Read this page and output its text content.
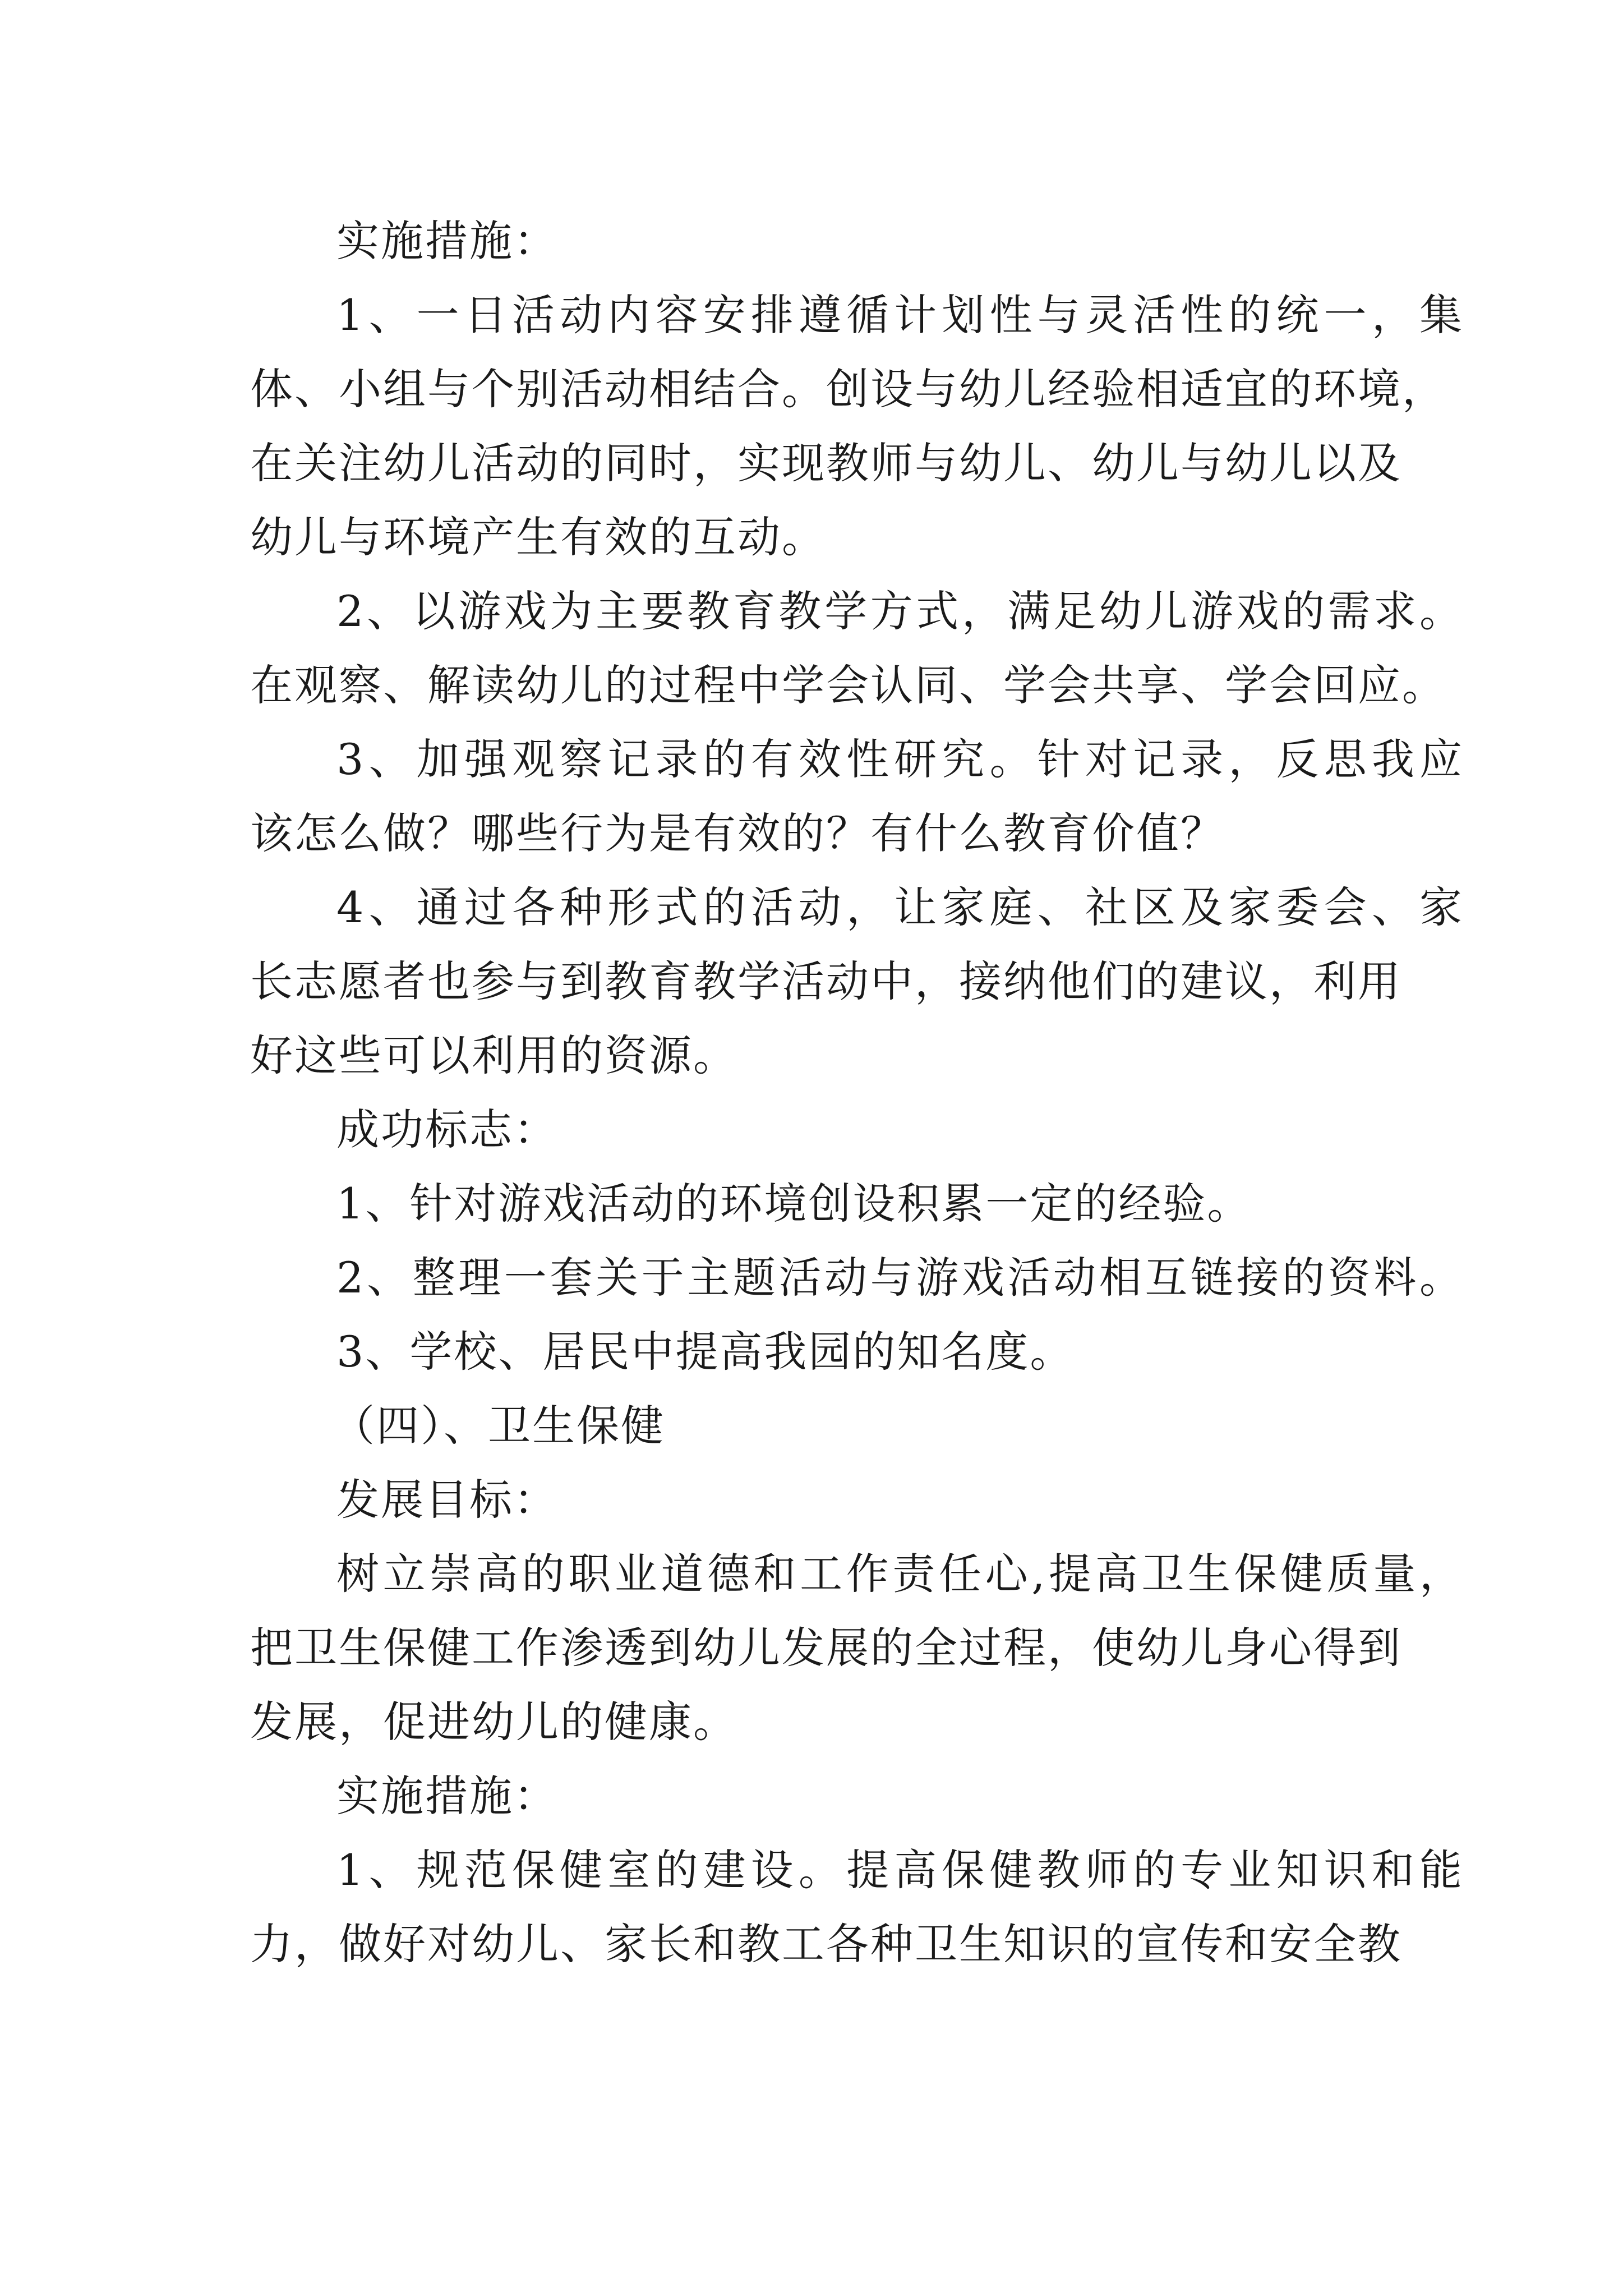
实施措施：
1、一日活动内容安排遵循计划性与灵活性的统一，集
体、小组与个别活动相结合。创设与幼儿经验相适宜的环境，
在关注幼儿活动的同时，实现教师与幼儿、幼儿与幼儿以及
幼儿与环境产生有效的互动。
2、以游戏为主要教育教学方式，满足幼儿游戏的需求。
在观察、解读幼儿的过程中学会认同、学会共享、学会回应。
3、加强观察记录的有效性研究。针对记录，反思我应
该怎么做？哪些行为是有效的？有什么教育价值？
4、通过各种形式的活动，让家庭、社区及家委会、家
长志愿者也参与到教育教学活动中，接纳他们的建议，利用
好这些可以利用的资源。
成功标志：
1、针对游戏活动的环境创设积累一定的经验。
2、整理一套关于主题活动与游戏活动相互链接的资料。
3、学校、居民中提高我园的知名度。
（四）、卫生保健
发展目标：
树立崇高的职业道德和工作责任心,提高卫生保健质量，
把卫生保健工作渗透到幼儿发展的全过程，使幼儿身心得到
发展，促进幼儿的健康。
实施措施：
1、规范保健室的建设。提高保健教师的专业知识和能
力，做好对幼儿、家长和教工各种卫生知识的宣传和安全教
